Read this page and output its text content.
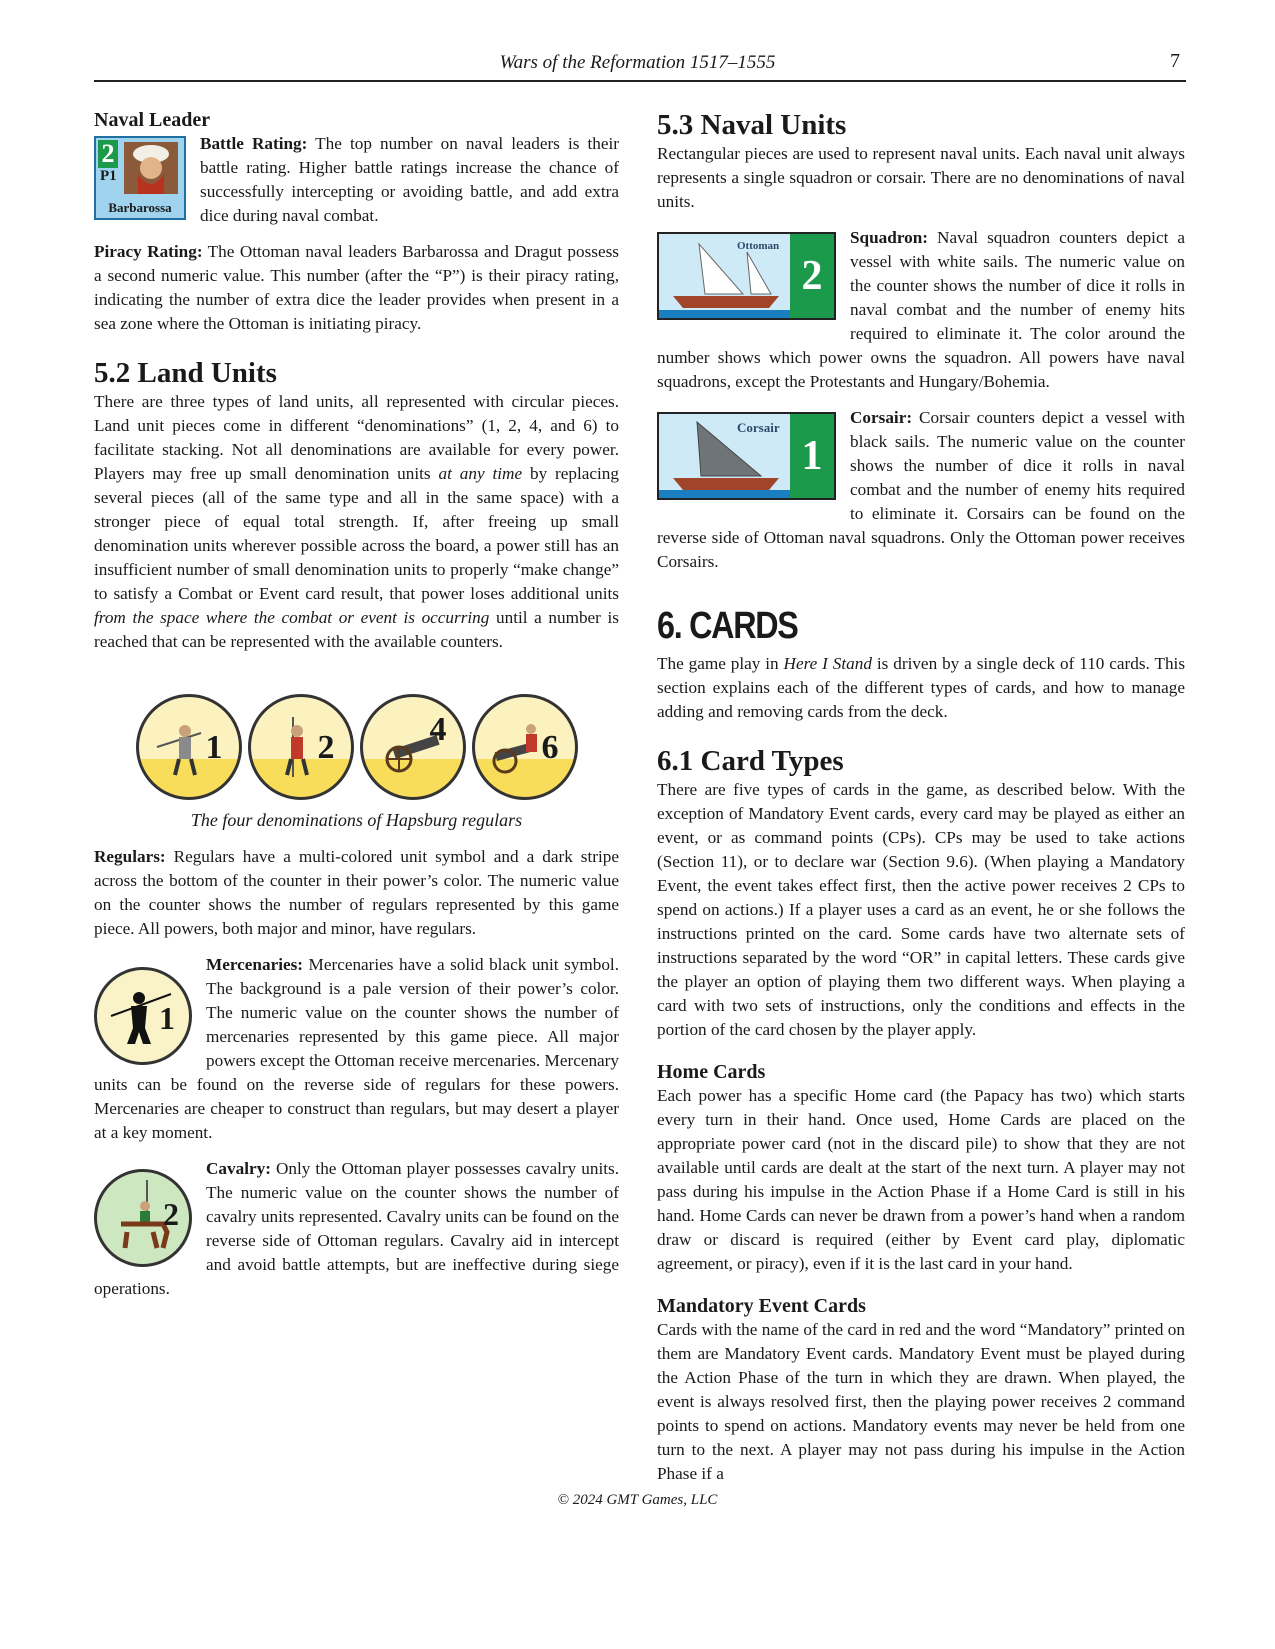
Wars of the Reformation 1517–1555	7
Naval Leader
2
P1
Barbarossa

Battle Rating: The top number on naval leaders is their battle rating. Higher battle ratings increase the chance of successfully intercepting or avoiding battle, and add extra dice during naval combat.

Piracy Rating: The Ottoman naval leaders Barbarossa and Dragut possess a second numeric value. This number (after the “P”) is their piracy rating, indicating the number of extra dice the leader provides when present in a sea zone where the Ottoman is initiating piracy.

5.2 Land Units

There are three types of land units, all represented with circular pieces. Land unit pieces come in different “denominations” (1, 2, 4, and 6) to facilitate stacking. Not all denominations are available for every power. Players may free up small denomination units at any time by replacing several pieces (all of the same type and all in the same space) with a stronger piece of equal total strength. If, after freeing up small denomination units wherever possible across the board, a power still has an insufficient number of small denomination units to properly “make change” to satisfy a Combat or Event card result, that power loses additional units from the space where the combat or event is occurring until a number is reached that can be represented with the available counters.

1	2	4	6
The four denominations of Hapsburg regulars

Regulars: Regulars have a multi-colored unit symbol and a dark stripe across the bottom of the counter in their power’s color. The numeric value on the counter shows the number of regulars represented by this game piece. All powers, both major and minor, have regulars.

1

Mercenaries: Mercenaries have a solid black unit symbol. The background is a pale version of their power’s color. The numeric value on the counter shows the number of mercenaries represented by this game piece. All major powers except the Ottoman receive mercenaries. Mercenary units can be found on the reverse side of regulars for these powers. Mercenaries are cheaper to construct than regulars, but may desert a player at a key moment.

2

Cavalry: Only the Ottoman player possesses cavalry units. The numeric value on the counter shows the number of cavalry units represented. Cavalry units can be found on the reverse side of Ottoman regulars. Cavalry aid in intercept and avoid battle attempts, but are ineffective during siege operations.

5.3 Naval Units

Rectangular pieces are used to represent naval units. Each naval unit always represents a single squadron or corsair. There are no denominations of naval units.

Ottoman
2

Squadron: Naval squadron counters depict a vessel with white sails. The numeric value on the counter shows the number of dice it rolls in naval combat and the number of enemy hits required to eliminate it. The color around the number shows which power owns the squadron. All powers have naval squadrons, except the Protestants and Hungary/Bohemia.

Corsair
1

Corsair: Corsair counters depict a vessel with black sails. The numeric value on the counter shows the number of dice it rolls in naval combat and the number of enemy hits required to eliminate it. Corsairs can be found on the reverse side of Ottoman naval squadrons. Only the Ottoman power receives Corsairs.

6. CARDS

The game play in Here I Stand is driven by a single deck of 110 cards. This section explains each of the different types of cards, and how to manage adding and removing cards from the deck.

6.1 Card Types

There are five types of cards in the game, as described below. With the exception of Mandatory Event cards, every card may be played as either an event, or as command points (CPs). CPs may be used to take actions (Section 11), or to declare war (Section 9.6). (When playing a Mandatory Event, the event takes effect first, then the active power receives 2 CPs to spend on actions.) If a player uses a card as an event, he or she follows the instructions printed on the card. Some cards have two alternate sets of instructions separated by the word “OR” in capital letters. These cards give the player an option of playing them two different ways. When playing a card with two sets of instructions, only the conditions and effects in the portion of the card chosen by the player apply.

Home Cards

Each power has a specific Home card (the Papacy has two) which starts every turn in their hand. Once used, Home Cards are placed on the appropriate power card (not in the discard pile) to show that they are not available until cards are dealt at the start of the next turn. A player may not pass during his impulse in the Action Phase if a Home Card is still in his hand. Home Cards can never be drawn from a power’s hand when a random draw or discard is required (either by Event card play, diplomatic agreement, or piracy), even if it is the last card in your hand.

Mandatory Event Cards

Cards with the name of the card in red and the word “Mandatory” printed on them are Mandatory Event cards. Mandatory Event must be played during the Action Phase of the turn in which they are drawn. When played, the event is always resolved first, then the playing power receives 2 command points to spend on actions. Mandatory events may never be held from one turn to the next. A player may not pass during his impulse in the Action Phase if a

© 2024 GMT Games, LLC
